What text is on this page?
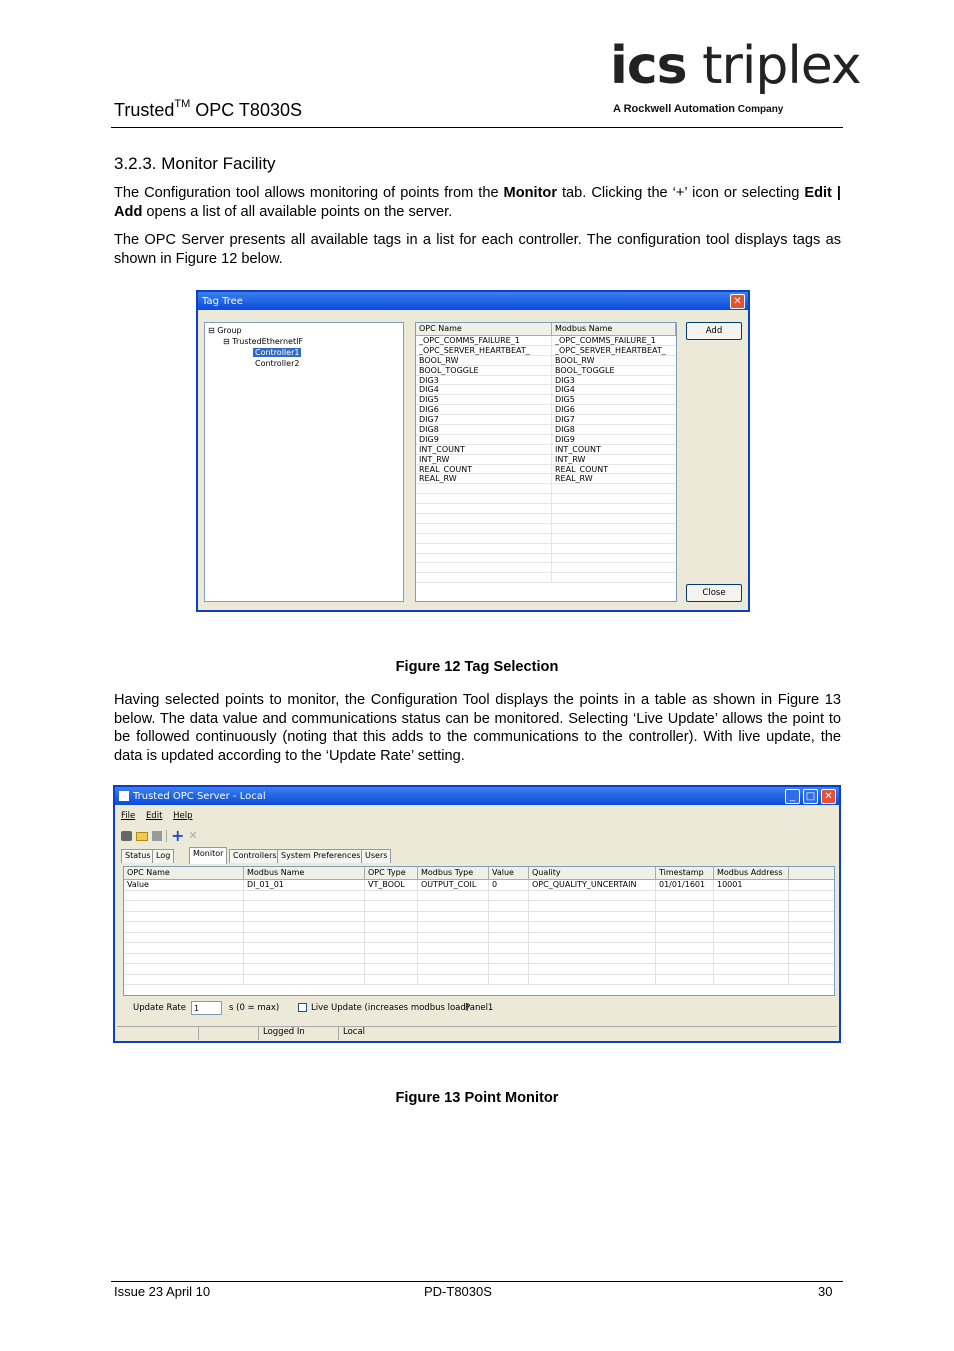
Trusted™ OPC T8030S
ics triplex
A Rockwell Automation Company
3.2.3. Monitor Facility
The Configuration tool allows monitoring of points from the Monitor tab. Clicking the ‘+’ icon or selecting Edit | Add opens a list of all available points on the server.
The OPC Server presents all available tags in a list for each controller. The configuration tool displays tags as shown in Figure 12 below.
Tag Tree	✕
⊟ Group
⊟ TrustedEthernetIF
Controller1
Controller2
OPC Name	Modbus Name
_OPC_COMMS_FAILURE_1	_OPC_COMMS_FAILURE_1
_OPC_SERVER_HEARTBEAT_	_OPC_SERVER_HEARTBEAT_
BOOL_RW	BOOL_RW
BOOL_TOGGLE	BOOL_TOGGLE
DIG3	DIG3
DIG4	DIG4
DIG5	DIG5
DIG6	DIG6
DIG7	DIG7
DIG8	DIG8
DIG9	DIG9
INT_COUNT	INT_COUNT
INT_RW	INT_RW
REAL_COUNT	REAL_COUNT
REAL_RW	REAL_RW
Add
Close
Figure 12 Tag Selection
Having selected points to monitor, the Configuration Tool displays the points in a table as shown in Figure 13 below. The data value and communications status can be monitored. Selecting ‘Live Update’ allows the point to be followed continuously (noting that this adds to the communications to the controller). With live update, the data is updated according to the ‘Update Rate’ setting.
Trusted OPC Server - Local	_	□ ✕
File Edit Help
+ ✕
Status Log	Monitor	Controllers System Preferences Users
OPC Name	Modbus Name	OPC Type	Modbus Type	Value	Quality	Timestamp	Modbus Address
Value	DI_01_01	VT_BOOL	OUTPUT_COIL	0	OPC_QUALITY_UNCERTAIN	01/01/1601	10001
Update Rate
1	s (0 = max)	Live Update (increases modbus load)
Panel1
Logged In	Local
Figure 13 Point Monitor
Issue 23 April 10	PD-T8030S	30
